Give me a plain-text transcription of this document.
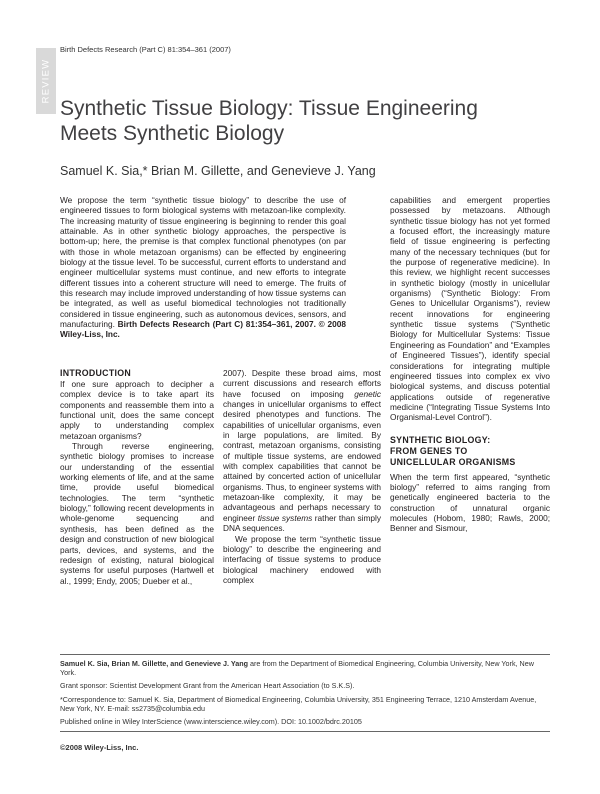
REVIEW
Birth Defects Research (Part C) 81:354–361 (2007)
Synthetic Tissue Biology: Tissue Engineering
Meets Synthetic Biology
Samuel K. Sia,* Brian M. Gillette, and Genevieve J. Yang
We propose the term “synthetic tissue biology” to describe the use of engineered tissues to form biological systems with metazoan-like complexity. The increasing maturity of tissue engineering is beginning to render this goal attainable. As in other synthetic biology approaches, the perspective is bottom-up; here, the premise is that complex functional phenotypes (on par with those in whole metazoan organisms) can be effected by engineering biology at the tissue level. To be successful, current efforts to understand and engineer multicellular systems must continue, and new efforts to integrate different tissues into a coherent structure will need to emerge. The fruits of this research may include improved understanding of how tissue systems can be integrated, as well as useful biomedical technologies not traditionally considered in tissue engineering, such as autonomous devices, sensors, and manufacturing. Birth Defects Research (Part C) 81:354–361, 2007. © 2008 Wiley-Liss, Inc.

capabilities and emergent properties possessed by metazoans. Although synthetic tissue biology has not yet formed a focused effort, the increasingly mature field of tissue engineering is perfecting many of the necessary techniques (but for the purpose of regenerative medicine). In this review, we highlight recent successes in synthetic biology (mostly in unicellular organisms) (“Synthetic Biology: From Genes to Unicellular Organisms”), review recent innovations for engineering synthetic tissue systems (“Synthetic Biology for Multicellular Systems: Tissue Engineering as Foundation” and “Examples of Engineered Tissues”), identify special considerations for integrating multiple engineered tissues into complex ex vivo biological systems, and discuss potential applications outside of regenerative medicine (“Integrating Tissue Systems Into Organismal-Level Control”).

SYNTHETIC BIOLOGY:
FROM GENES TO
UNICELLULAR ORGANISMS

When the term first appeared, “synthetic biology” referred to aims ranging from genetically engineered bacteria to the construction of unnatural organic molecules (Hobom, 1980; Rawls, 2000; Benner and Sismour,

INTRODUCTION

If one sure approach to decipher a complex device is to take apart its components and reassemble them into a functional unit, does the same concept apply to understanding complex metazoan organisms?

Through reverse engineering, synthetic biology promises to increase our understanding of the essential working elements of life, and at the same time, provide useful biomedical technologies. The term “synthetic biology,” following recent developments in whole-genome sequencing and synthesis, has been defined as the design and construction of new biological parts, devices, and systems, and the redesign of existing, natural biological systems for useful purposes (Hartwell et al., 1999; Endy, 2005; Dueber et al.,

2007). Despite these broad aims, most current discussions and research efforts have focused on imposing genetic changes in unicellular organisms to effect desired phenotypes and functions. The capabilities of unicellular organisms, even in large populations, are limited. By contrast, metazoan organisms, consisting of multiple tissue systems, are endowed with complex capabilities that cannot be attained by concerted action of unicellular organisms. Thus, to engineer systems with metazoan-like complexity, it may be advantageous and perhaps necessary to engineer tissue systems rather than simply DNA sequences.

We propose the term “synthetic tissue biology” to describe the engineering and interfacing of tissue systems to produce biological machinery endowed with complex

Samuel K. Sia, Brian M. Gillette, and Genevieve J. Yang are from the Department of Biomedical Engineering, Columbia University, New York, New York.

Grant sponsor: Scientist Development Grant from the American Heart Association (to S.K.S).

*Correspondence to: Samuel K. Sia, Department of Biomedical Engineering, Columbia University, 351 Engineering Terrace, 1210 Amsterdam Avenue, New York, NY. E-mail: ss2735@columbia.edu

Published online in Wiley InterScience (www.interscience.wiley.com). DOI: 10.1002/bdrc.20105

©2008 Wiley-Liss, Inc.
